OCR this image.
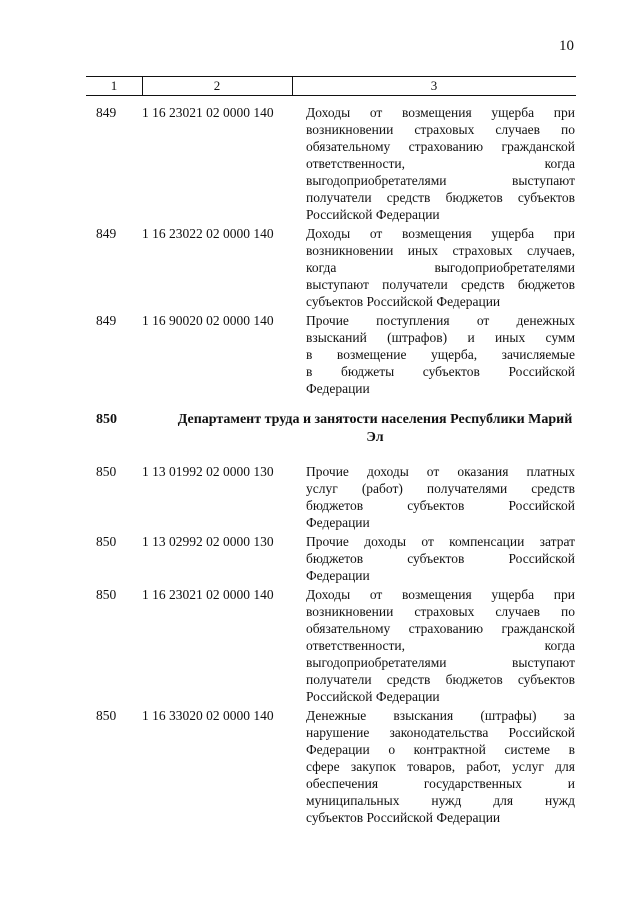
10
1	2	3
849 1 16 23021 02 0000 140 Доходы от возмещения ущерба при
возникновении страховых случаев по
обязательному страхованию гражданской
ответственности, когда
выгодоприобретателями выступают
получатели средств бюджетов субъектов
Российской Федерации
849 1 16 23022 02 0000 140 Доходы от возмещения ущерба при
возникновении иных страховых случаев,
когда выгодоприобретателями
выступают получатели средств бюджетов
субъектов Российской Федерации
849 1 16 90020 02 0000 140 Прочие поступления от денежных
взысканий (штрафов) и иных сумм
в возмещение ущерба, зачисляемые
в бюджеты субъектов Российской
Федерации
850	Департамент труда и занятости населения Республики Марий Эл
850 1 13 01992 02 0000 130 Прочие доходы от оказания платных
услуг (работ) получателями средств
бюджетов субъектов Российской
Федерации
850 1 13 02992 02 0000 130 Прочие доходы от компенсации затрат
бюджетов субъектов Российской
Федерации
850 1 16 23021 02 0000 140 Доходы от возмещения ущерба при
возникновении страховых случаев по
обязательному страхованию гражданской
ответственности, когда
выгодоприобретателями выступают
получатели средств бюджетов субъектов
Российской Федерации
850 1 16 33020 02 0000 140 Денежные взыскания (штрафы) за
нарушение законодательства Российской
Федерации о контрактной системе в
сфере закупок товаров, работ, услуг для
обеспечения государственных и
муниципальных нужд для нужд
субъектов Российской Федерации
